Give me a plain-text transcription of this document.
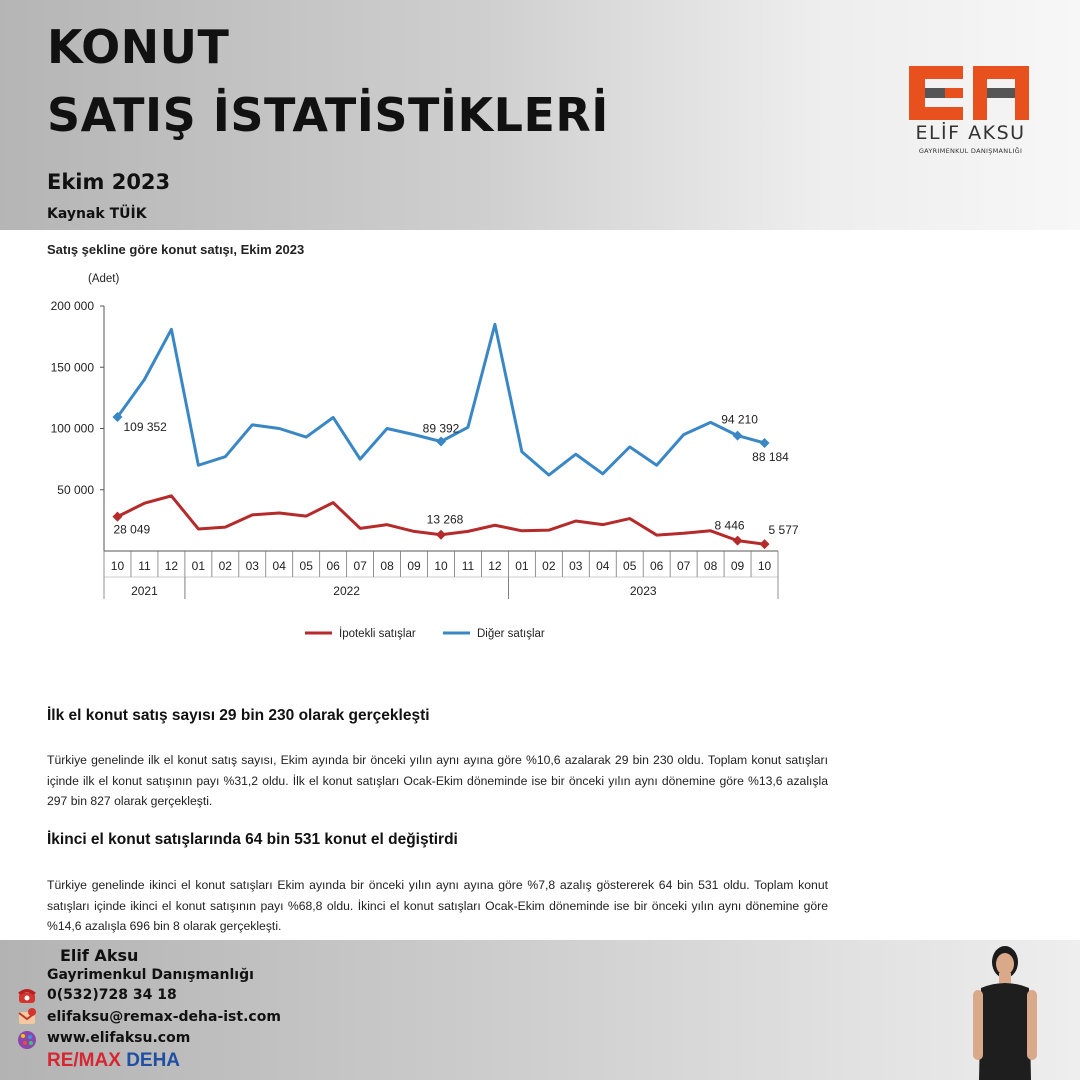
KONUT
SATIŞ İSTATİSTİKLERİ
Ekim 2023
Kaynak TÜİK
ELİF AKSU
GAYRIMENKUL DANIŞMANLIĞI
Satış şekline göre konut satışı, Ekim 2023
(Adet)
50 000
100 000
150 000
200 000
10 11 12 01 02 03 04 05 06 07 08 09 10 11 12 01 02 03 04 05 06 07 08 09 10
2021	2022	2023
109 352	89 392
94 210
88 184
28 049
13 268	8 446 5 577
İpotekli satışlar	Diğer satışlar
İlk el konut satış sayısı 29 bin 230 olarak gerçekleşti

Türkiye genelinde ilk el konut satış sayısı, Ekim ayında bir önceki yılın aynı ayına göre %10,6 azalarak 29 bin 230 oldu. Toplam konut satışları içinde ilk el konut satışının payı %31,2 oldu. İlk el konut satışları Ocak-Ekim döneminde ise bir önceki yılın aynı dönemine göre %13,6 azalışla 297 bin 827 olarak gerçekleşti.

İkinci el konut satışlarında 64 bin 531 konut el değiştirdi

Türkiye genelinde ikinci el konut satışları Ekim ayında bir önceki yılın aynı ayına göre %7,8 azalış göstererek 64 bin 531 oldu. Toplam konut satışları içinde ikinci el konut satışının payı %68,8 oldu. İkinci el konut satışları Ocak-Ekim döneminde ise bir önceki yılın aynı dönemine göre %14,6 azalışla 696 bin 8 olarak gerçekleşti.

Elif Aksu
Gayrimenkul Danışmanlığı
0(532)728 34 18
elifaksu@remax-deha-ist.com
www.elifaksu.com
RE/MAX DEHA
